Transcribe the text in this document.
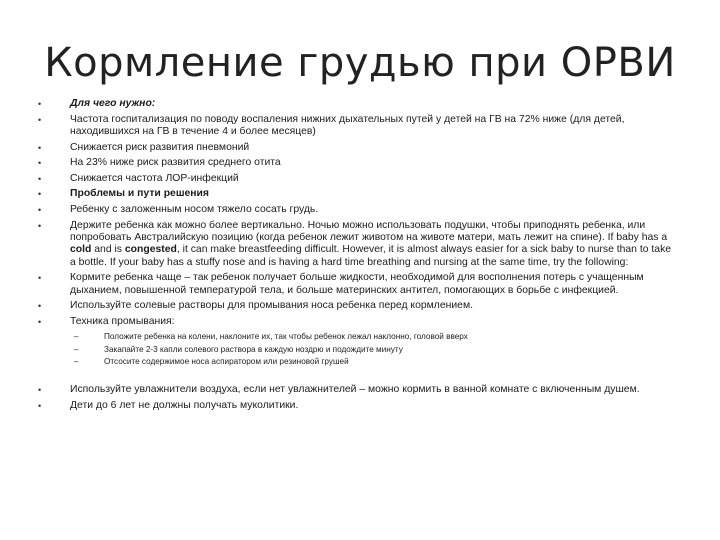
Кормление грудью при ОРВИ
• Для чего нужно:
• Частота госпитализация по поводу воспаления нижних дыхательных путей у детей на ГВ на 72% ниже (для детей, находившихся на ГВ в течение 4 и более месяцев)
• Снижается риск развития пневмоний
• На 23% ниже риск развития среднего отита
• Снижается частота ЛОР-инфекций
• Проблемы и пути решения
• Ребенку с заложенным носом тяжело сосать грудь.
• Держите ребенка как можно более вертикально. Ночью можно использовать подушки, чтобы приподнять ребенка, или попробовать Австралийскую позицию (когда ребенок лежит животом на животе матери, мать лежит на спине). If baby has a cold and is congested, it can make breastfeeding difficult. However, it is almost always easier for a sick baby to nurse than to take a bottle. If your baby has a stuffy nose and is having a hard time breathing and nursing at the same time, try the following:
• Кормите ребенка чаще – так ребенок получает больше жидкости, необходимой для восполнения потерь с учащенным дыханием, повышенной температурой тела, и больше материнских антител, помогающих в борьбе с инфекцией.
• Используйте солевые растворы для промывания носа ребенка перед кормлением.
• Техника промывания:
– Положите ребенка на колени, наклоните их, так чтобы ребенок лежал наклонно, головой вверх
– Закапайте 2-3 капли солевого раствора в каждую ноздрю и подождите минуту
– Отсосите содержимое носа аспиратором или резиновой грушей
• Используйте увлажнители воздуха, если нет увлажнителей – можно кормить в ванной комнате с включенным душем.
• Дети до 6 лет не должны получать муколитики.
